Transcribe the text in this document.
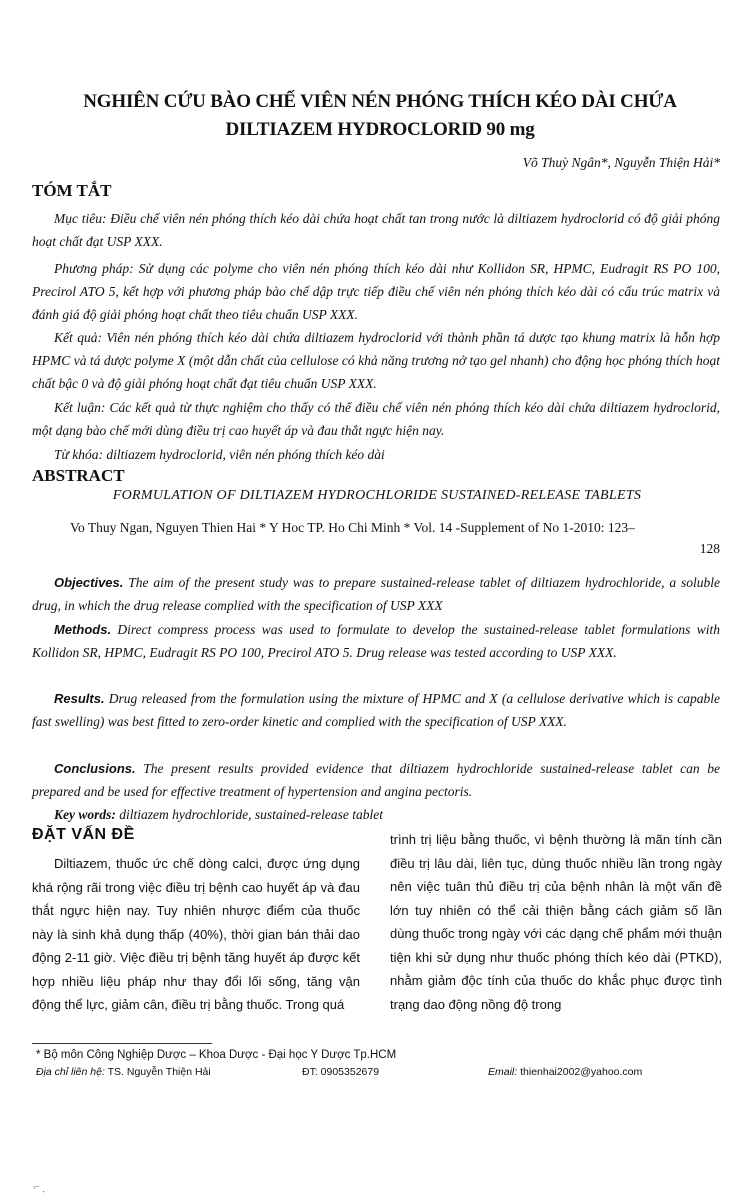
NGHIÊN CỨU BÀO CHẾ VIÊN NÉN PHÓNG THÍCH KÉO DÀI CHỨA
DILTIAZEM HYDROCLORID 90 mg
Võ Thuỳ Ngân*, Nguyễn Thiện Hải*
TÓM TẮT
Mục tiêu: Điều chế viên nén phóng thích kéo dài chứa hoạt chất tan trong nước là diltiazem hydroclorid có độ giải phóng hoạt chất đạt USP XXX.
Phương pháp: Sử dụng các polyme cho viên nén phóng thích kéo dài như Kollidon SR, HPMC, Eudragit RS PO 100, Precirol ATO 5, kết hợp với phương pháp bào chế dập trực tiếp điều chế viên nén phóng thích kéo dài có cấu trúc matrix và đánh giá độ giải phóng hoạt chất theo tiêu chuẩn USP XXX.
Kết quả: Viên nén phóng thích kéo dài chứa diltiazem hydroclorid với thành phần tá dược tạo khung matrix là hỗn hợp HPMC và tá dược polyme X (một dẫn chất của cellulose có khả năng trương nở tạo gel nhanh) cho động học phóng thích hoạt chất bậc 0 và độ giải phóng hoạt chất đạt tiêu chuẩn USP XXX.
Kết luận: Các kết quả từ thực nghiệm cho thấy có thể điều chế viên nén phóng thích kéo dài chứa diltiazem hydroclorid, một dạng bào chế mới dùng điều trị cao huyết áp và đau thắt ngực hiện nay.
Từ khóa: diltiazem hydroclorid, viên nén phóng thích kéo dài
ABSTRACT
FORMULATION OF DILTIAZEM HYDROCHLORIDE SUSTAINED-RELEASE TABLETS
Vo Thuy Ngan, Nguyen Thien Hai * Y Hoc TP. Ho Chi Minh * Vol. 14 -Supplement of No 1-2010: 123–
128
Objectives. The aim of the present study was to prepare sustained-release tablet of diltiazem hydrochloride, a soluble drug, in which the drug release complied with the specification of USP XXX
Methods. Direct compress process was used to formulate to develop the sustained-release tablet formulations with Kollidon SR, HPMC, Eudragit RS PO 100, Precirol ATO 5. Drug release was tested according to USP XXX.
Results. Drug released from the formulation using the mixture of HPMC and X (a cellulose derivative which is capable fast swelling) was best fitted to zero-order kinetic and complied with the specification of USP XXX.
Conclusions. The present results provided evidence that diltiazem hydrochloride sustained-release tablet can be prepared and be used for effective treatment of hypertension and angina pectoris.
Key words: diltiazem hydrochloride, sustained-release tablet
ĐẶT VẤN ĐỀ
Diltiazem, thuốc ức chế dòng calci, được ứng dụng khá rộng rãi trong việc điều trị bệnh cao huyết áp và đau thắt ngực hiện nay. Tuy nhiên nhược điểm của thuốc này là sinh khả dụng thấp (40%), thời gian bán thải dao động 2-11 giờ. Việc điều trị bệnh tăng huyết áp được kết hợp nhiều liệu pháp như thay đổi lối sống, tăng vận động thể lực, giảm cân, điều trị bằng thuốc. Trong quá
trình trị liệu bằng thuốc, vì bệnh thường là mãn tính cần điều trị lâu dài, liên tục, dùng thuốc nhiều lần trong ngày nên việc tuân thủ điều trị của bệnh nhân là một vấn đề lớn tuy nhiên có thể cải thiện bằng cách giảm số lần dùng thuốc trong ngày với các dạng chế phẩm mới thuận tiện khi sử dụng như thuốc phóng thích kéo dài (PTKD), nhằm giảm độc tính của thuốc do khắc phục được tình trạng dao động nồng độ trong
* Bộ môn Công Nghiệp Dược – Khoa Dược - Đại học Y Dược Tp.HCM
Địa chỉ liên hệ: TS. Nguyễn Thiện Hải	ĐT: 0905352679	Email: thienhai2002@yahoo.com
⌐ ˎ
